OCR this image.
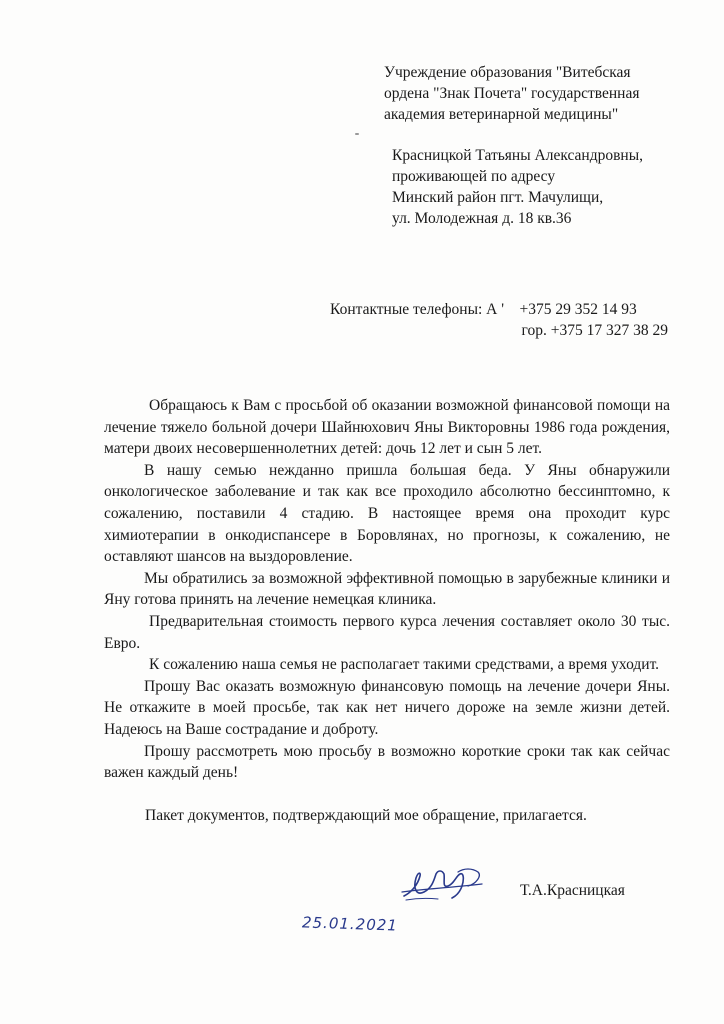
Учреждение образования "Витебская
ордена "Знак Почета" государственная
академия ветеринарной медицины"
Красницкой Татьяны Александровны,
проживающей по адресу
Минский район пгт. Мачулищи,
ул. Молодежная д. 18 кв.36
Контактные телефоны: А ' +375 29 352 14 93
гор. +375 17 327 38 29

Обращаюсь к Вам с просьбой об оказании возможной финансовой помощи на лечение тяжело больной дочери Шайнюхович Яны Викторовны 1986 года рождения, матери двоих несовершеннолетних детей: дочь 12 лет и сын 5 лет.

В нашу семью нежданно пришла большая беда. У Яны обнаружили онкологическое заболевание и так как все проходило абсолютно бессинптомно, к сожалению, поставили 4 стадию. В настоящее время она проходит курс химиотерапии в онкодиспансере в Боровлянах, но прогнозы, к сожалению, не оставляют шансов на выздоровление.

Мы обратились за возможной эффективной помощью в зарубежные клиники и Яну готова принять на лечение немецкая клиника.

Предварительная стоимость первого курса лечения составляет около 30 тыс. Евро.

К сожалению наша семья не располагает такими средствами, а время уходит.

Прошу Вас оказать возможную финансовую помощь на лечение дочери Яны. Не откажите в моей просьбе, так как нет ничего дороже на земле жизни детей. Надеюсь на Ваше сострадание и доброту.

Прошу рассмотреть мою просьбу в возможно короткие сроки так как сейчас важен каждый день!

Пакет документов, подтверждающий мое обращение, прилагается.
Т.А.Красницкая
25.01.2021
